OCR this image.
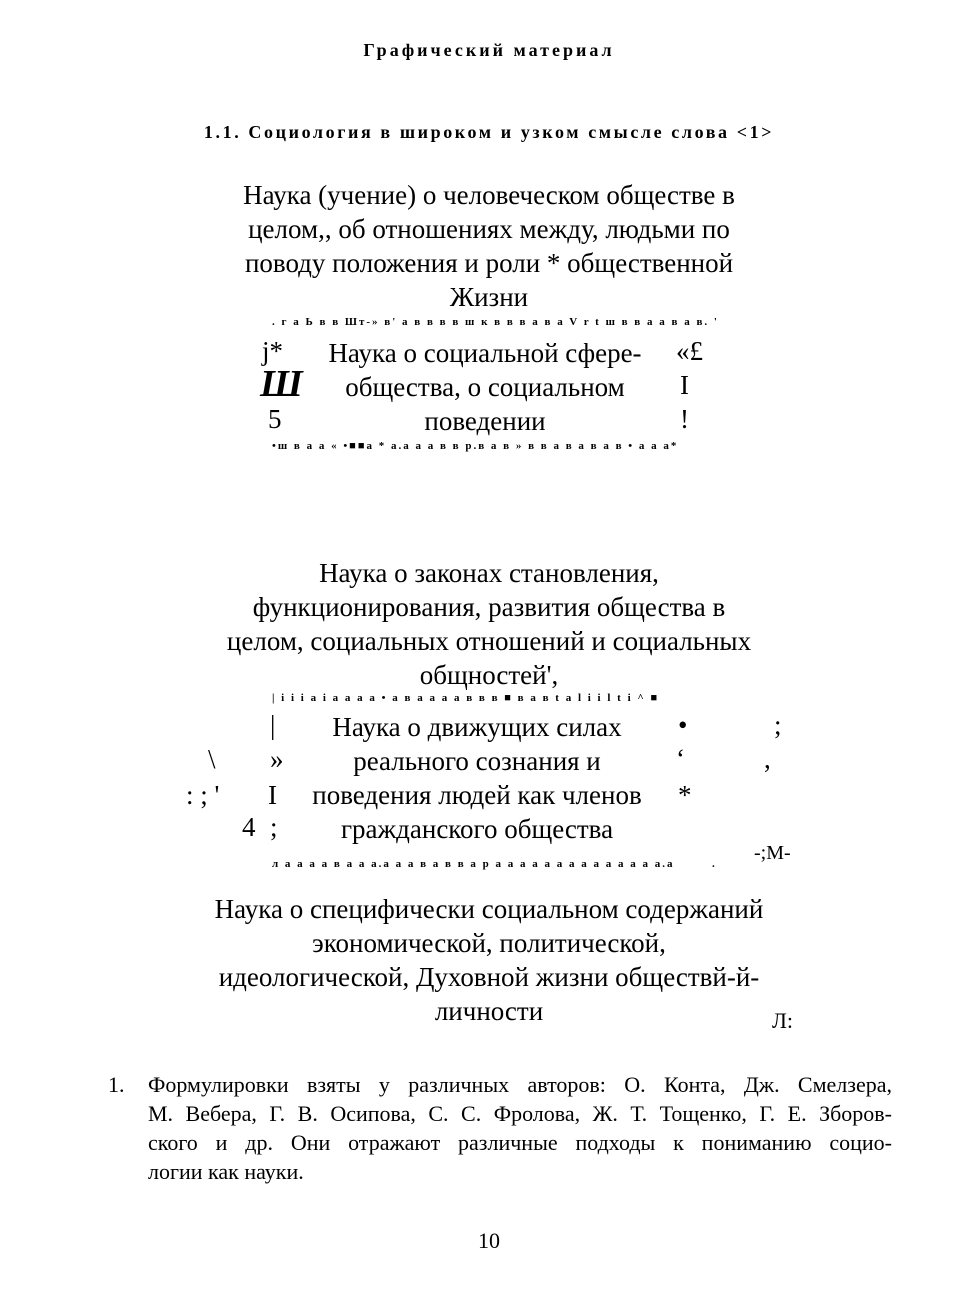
Графический материал
1.1. Социология в широком и узком смысле слова <1>
Наука (учение) о человеческом обществе в
целом,, об отношениях между, людьми по
поводу положения и роли * общественной
Жизни
. г а Ь в в Шт-» в' а в в в в ш к в в в а в a V r t ш в в а а в а в. '
Наука о социальной сфере-
общества, о социальном
поведении
j*
Ш
5
«£
I
!
•ш в а а « •■■а * а.а а а в в р.в а в » в в а в а в а в • а а а*
Наука о законах становления,
функционирования, развития общества в
целом, социальных отношений и социальных
общностей',
| i i i a i a a a a • a в a a a a в в в ■ в a в t a l i i l t i ^ ■
Наука о движущих силах
реального сознания и
поведения людей как членов
гражданского общества
|
\ »
: ; ' I
4 ;
•	;
‘	,
*
л а а а а в а а а.а а а в а в в а р а а а а а а а а а а а а а а.а	. -;М-
Наука о специфически социальном содержаний
экономической, политической,
идеологической, Духовной жизни обществй-й-
личности	Л:
1. Формулировки взяты у различных авторов: О. Конта, Дж. Смелзера,
М. Вебера, Г. В. Осипова, С. С. Фролова, Ж. Т. Тощенко, Г. Е. Зборов-
ского и др. Они отражают различные подходы к пониманию социо-
логии как науки.
10
